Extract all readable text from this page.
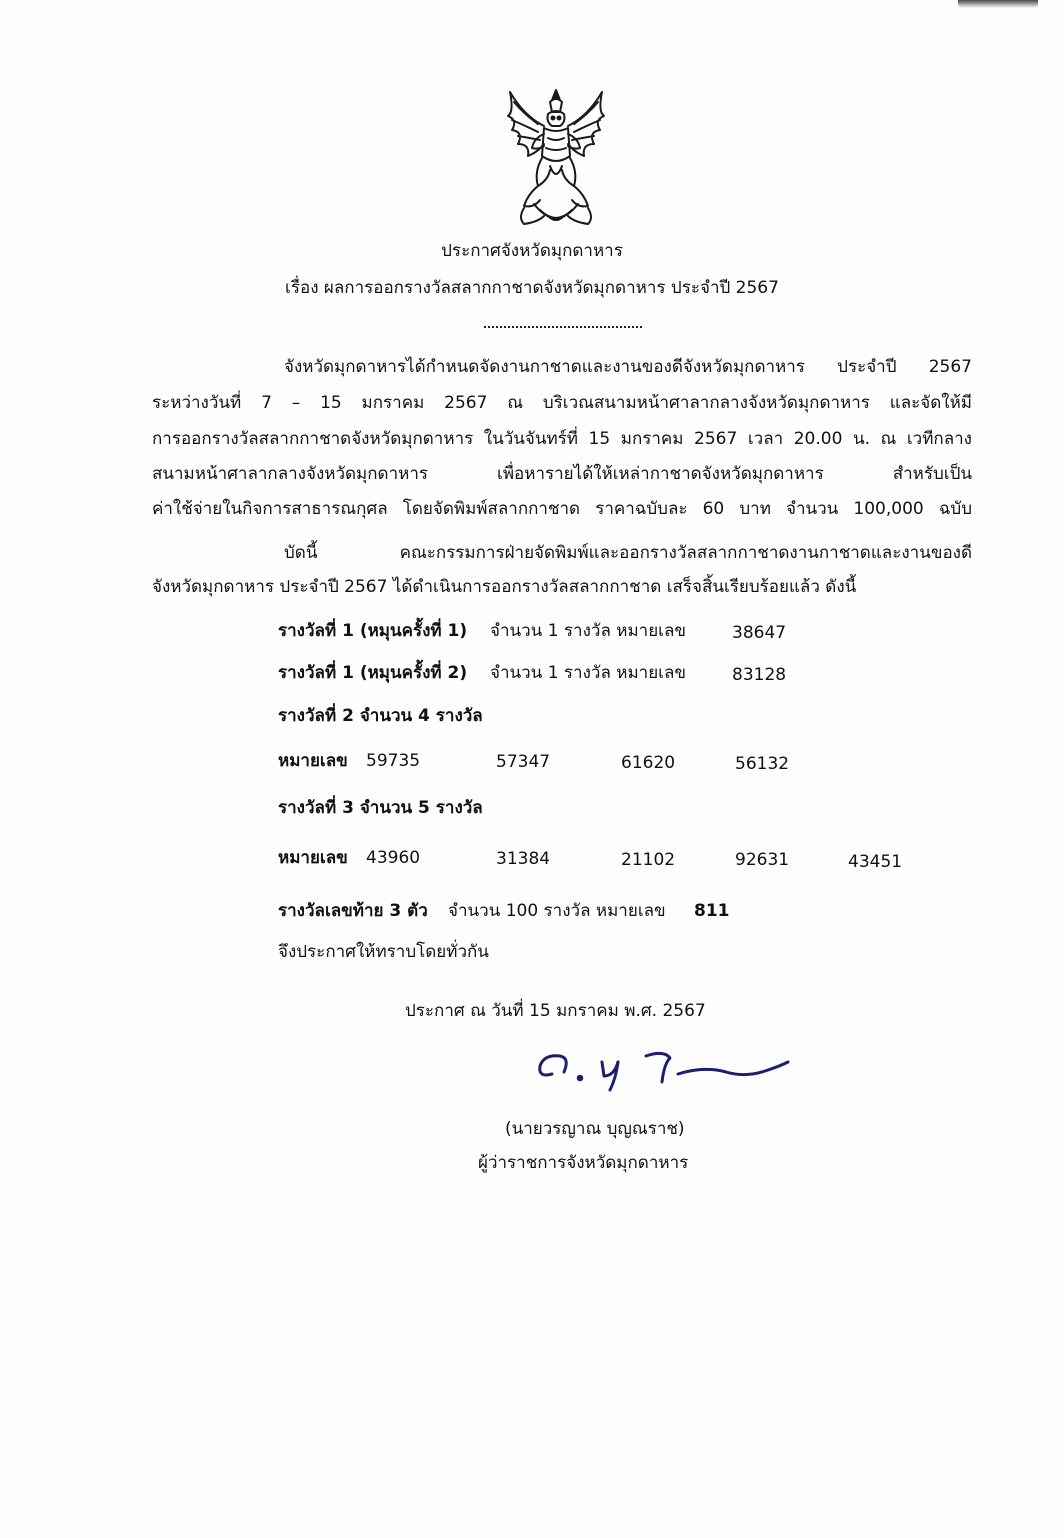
ประกาศจังหวัดมุกดาหาร
เรื่อง ผลการออกรางวัลสลากกาชาดจังหวัดมุกดาหาร ประจำปี 2567
จังหวัดมุกดาหารได้กำหนดจัดงานกาชาดและงานของดีจังหวัดมุกดาหาร ประจำปี 2567
ระหว่างวันที่ 7 – 15 มกราคม 2567 ณ บริเวณสนามหน้าศาลากลางจังหวัดมุกดาหาร และจัดให้มี
การออกรางวัลสลากกาชาดจังหวัดมุกดาหาร ในวันจันทร์ที่ 15 มกราคม 2567 เวลา 20.00 น. ณ เวทีกลาง
สนามหน้าศาลากลางจังหวัดมุกดาหาร เพื่อหารายได้ให้เหล่ากาชาดจังหวัดมุกดาหาร สำหรับเป็น
ค่าใช้จ่ายในกิจการสาธารณกุศล โดยจัดพิมพ์สลากกาชาด ราคาฉบับละ 60 บาท จำนวน 100,000 ฉบับ
บัดนี้ คณะกรรมการฝ่ายจัดพิมพ์และออกรางวัลสลากกาชาดงานกาชาดและงานของดี
จังหวัดมุกดาหาร ประจำปี 2567 ได้ดำเนินการออกรางวัลสลากกาชาด เสร็จสิ้นเรียบร้อยแล้ว ดังนี้
รางวัลที่ 1 (หมุนครั้งที่ 1) จำนวน 1 รางวัล หมายเลข	38647
รางวัลที่ 1 (หมุนครั้งที่ 2) จำนวน 1 รางวัล หมายเลข	83128
รางวัลที่ 2 จำนวน 4 รางวัล
หมายเลข 59735	57347	61620	56132
รางวัลที่ 3 จำนวน 5 รางวัล
หมายเลข 43960	31384	21102	92631	43451
รางวัลเลขท้าย 3 ตัว จำนวน 100 รางวัล หมายเลข 811
จึงประกาศให้ทราบโดยทั่วกัน
ประกาศ ณ วันที่ 15 มกราคม พ.ศ. 2567
(นายวรญาณ บุญณราช)
ผู้ว่าราชการจังหวัดมุกดาหาร
